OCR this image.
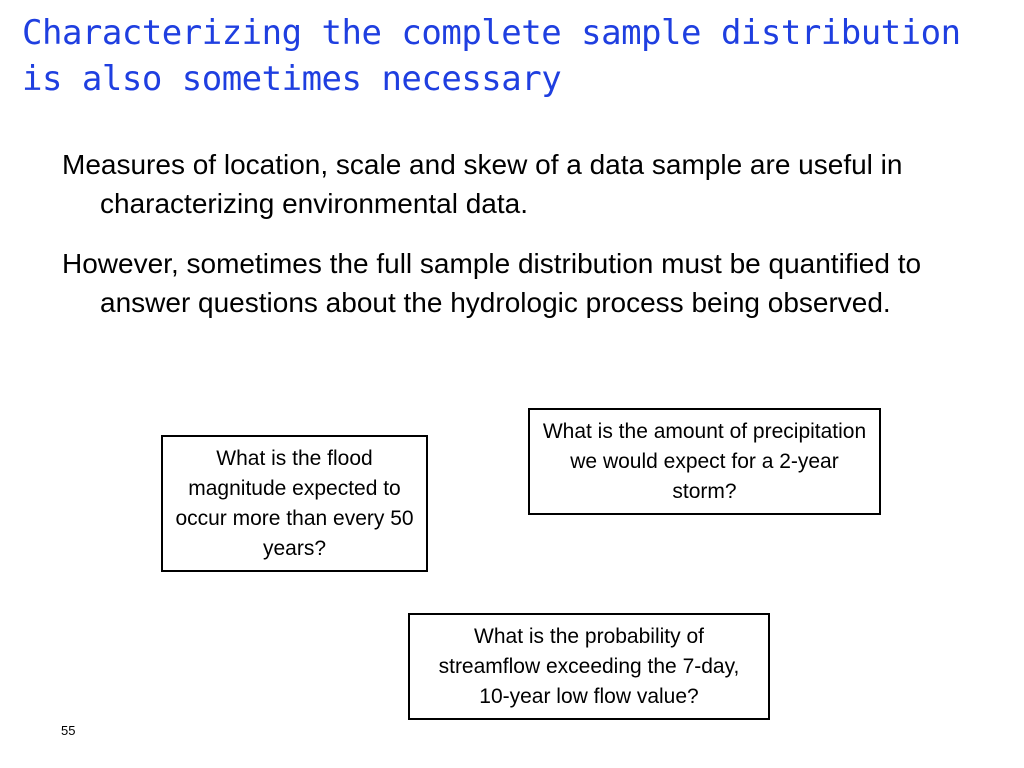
Characterizing the complete sample distribution is also sometimes necessary

Measures of location, scale and skew of a data sample are useful in characterizing environmental data.

However, sometimes the full sample distribution must be quantified to answer questions about the hydrologic process being observed.

What is the amount of precipitation we would expect for a 2-year storm?
What is the flood magnitude expected to occur more than every 50 years?
What is the probability of streamflow exceeding the 7-day, 10-year low flow value?
55
